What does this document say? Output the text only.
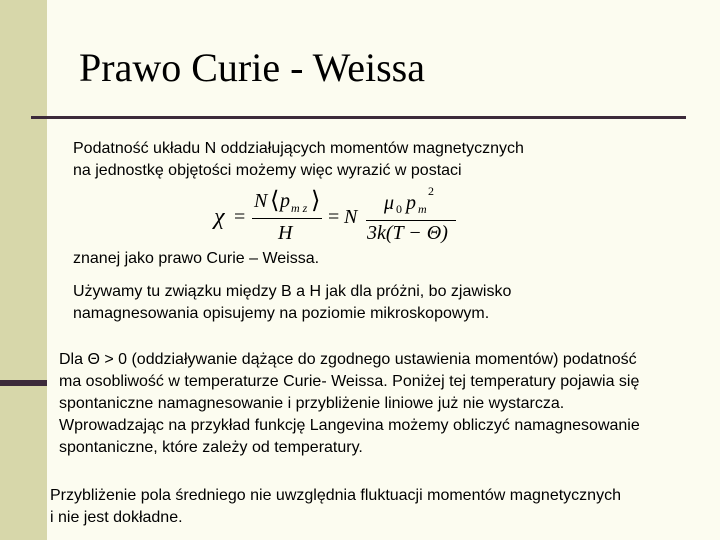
Prawo Curie - Weissa
Podatność układu N oddziałujących momentów magnetycznych
na jednostkę objętości możemy więc wyrazić w postaci
χ =
N ⟨ p m z ⟩
H
= N
μ 0 p m
2
3k(T − Θ)
znanej jako prawo Curie – Weissa.
Używamy tu związku między B a H jak dla próżni, bo zjawisko
namagnesowania opisujemy na poziomie mikroskopowym.
Dla Θ > 0 (oddziaływanie dążące do zgodnego ustawienia momentów) podatność
ma osobliwość w temperaturze Curie- Weissa. Poniżej tej temperatury pojawia się
spontaniczne namagnesowanie i przybliżenie liniowe już nie wystarcza.
Wprowadzając na przykład funkcję Langevina możemy obliczyć namagnesowanie
spontaniczne, które zależy od temperatury.
Przybliżenie pola średniego nie uwzględnia fluktuacji momentów magnetycznych
i nie jest dokładne.
